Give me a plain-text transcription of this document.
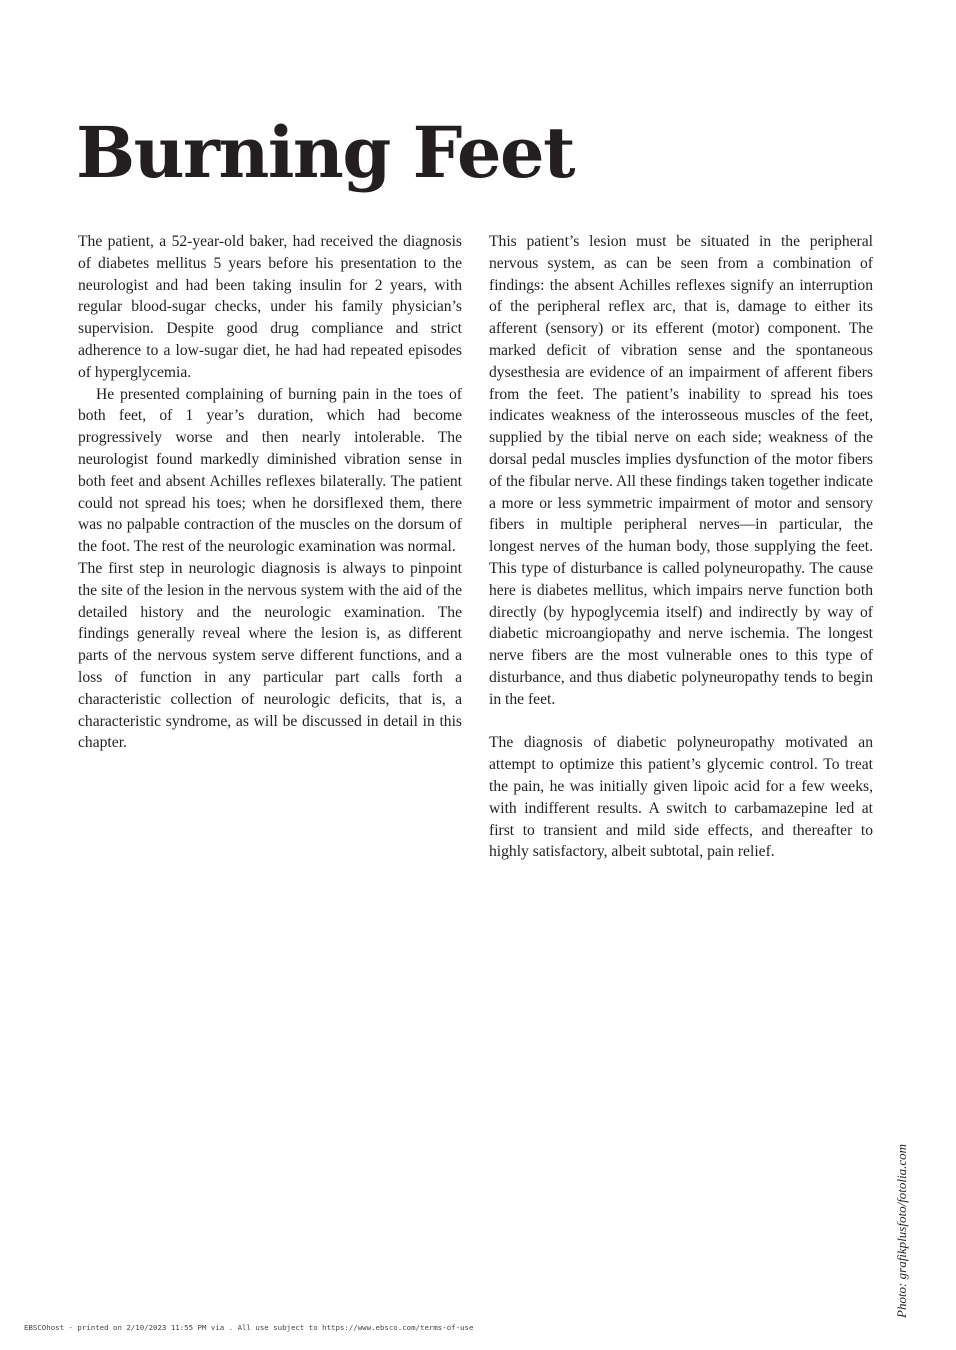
Burning Feet

The patient, a 52-year-old baker, had received the diagnosis of diabetes mellitus 5 years before his presentation to the neurologist and had been taking insulin for 2 years, with regular blood-sugar checks, under his family physician’s supervision. Despite good drug compliance and strict adherence to a low-sugar diet, he had had repeated episodes of hyperglycemia.

He presented complaining of burning pain in the toes of both feet, of 1 year’s duration, which had become progressively worse and then nearly intolerable. The neurologist found markedly diminished vibration sense in both feet and absent Achilles reflexes bilaterally. The patient could not spread his toes; when he dorsiflexed them, there was no palpable contraction of the muscles on the dorsum of the foot. The rest of the neurologic examination was normal.

The first step in neurologic diagnosis is always to pinpoint the site of the lesion in the nervous system with the aid of the detailed history and the neurologic examination. The findings generally reveal where the lesion is, as different parts of the nervous system serve different functions, and a loss of function in any particular part calls forth a characteristic collection of neurologic deficits, that is, a characteristic syndrome, as will be discussed in detail in this chapter.

This patient’s lesion must be situated in the peripheral nervous system, as can be seen from a combination of findings: the absent Achilles reflexes signify an interruption of the peripheral reflex arc, that is, damage to either its afferent (sensory) or its efferent (motor) component. The marked deficit of vibration sense and the spontaneous dysesthesia are evidence of an impairment of afferent fibers from the feet. The patient’s inability to spread his toes indicates weakness of the interosseous muscles of the feet, supplied by the tibial nerve on each side; weakness of the dorsal pedal muscles implies dysfunction of the motor fibers of the fibular nerve. All these findings taken together indicate a more or less symmetric impairment of motor and sensory fibers in multiple peripheral nerves—in particular, the longest nerves of the human body, those supplying the feet. This type of disturbance is called polyneuropathy. The cause here is diabetes mellitus, which impairs nerve function both directly (by hypoglycemia itself) and indirectly by way of diabetic microangiopathy and nerve ischemia. The longest nerve fibers are the most vulnerable ones to this type of disturbance, and thus diabetic polyneuropathy tends to begin in the feet.

The diagnosis of diabetic polyneuropathy motivated an attempt to optimize this patient’s glycemic control. To treat the pain, he was initially given lipoic acid for a few weeks, with indifferent results. A switch to carbamazepine led at first to transient and mild side effects, and thereafter to highly satisfactory, albeit subtotal, pain relief.

Photo: grafikplusfoto/fotolia.com
EBSCOhost - printed on 2/10/2023 11:55 PM via . All use subject to https://www.ebsco.com/terms-of-use
